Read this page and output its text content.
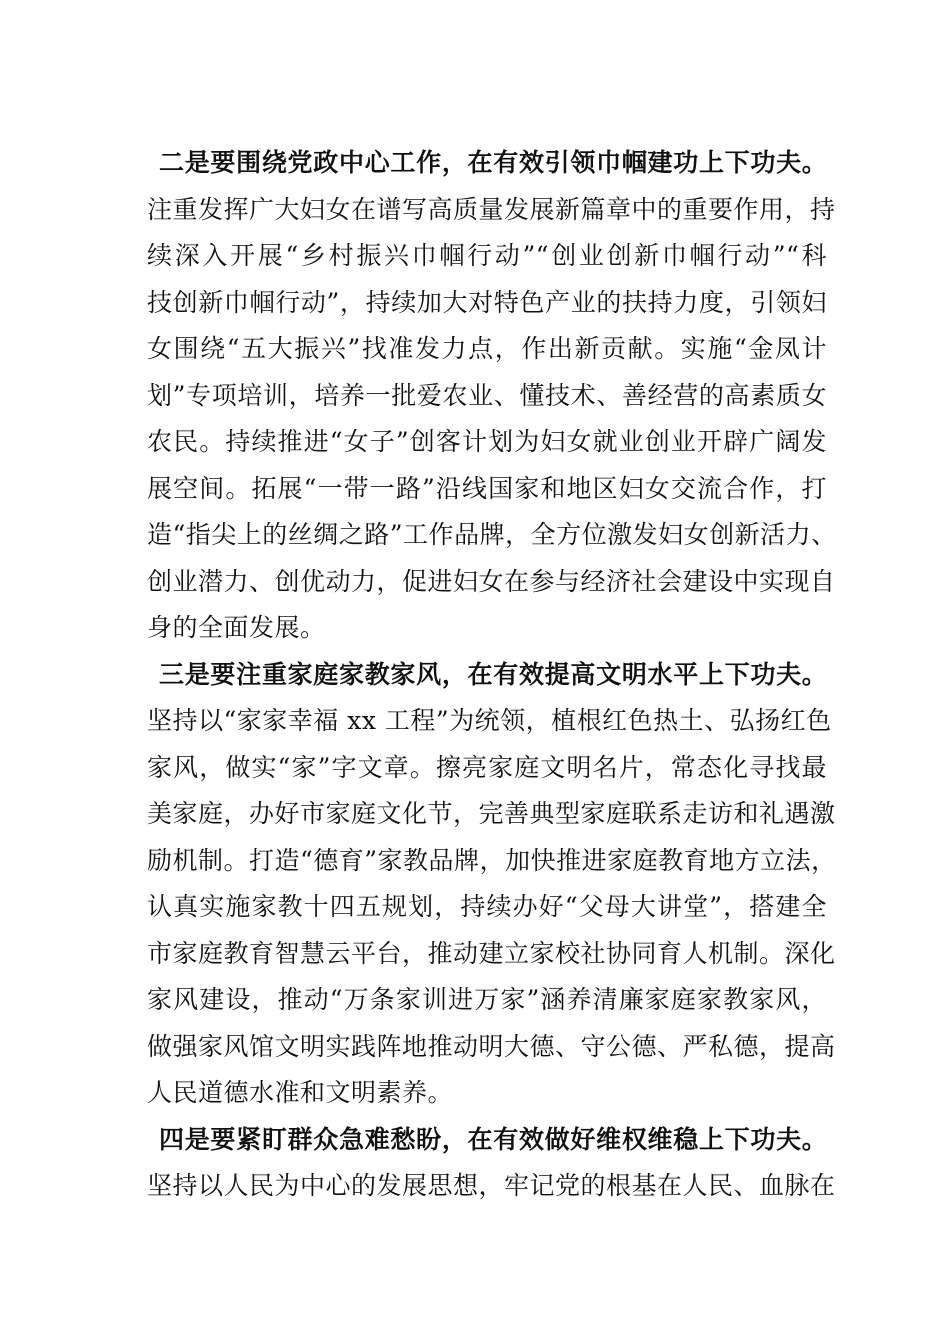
二是要围绕党政中心工作，在有效引领巾帼建功上下功夫。
注重发挥广大妇女在谱写高质量发展新篇章中的重要作用，持
续深入开展“乡村振兴巾帼行动”“创业创新巾帼行动”“科
技创新巾帼行动”，持续加大对特色产业的扶持力度，引领妇
女围绕“五大振兴”找准发力点，作出新贡献。实施“金凤计
划”专项培训，培养一批爱农业、懂技术、善经营的高素质女
农民。持续推进“女子”创客计划为妇女就业创业开辟广阔发
展空间。拓展“一带一路”沿线国家和地区妇女交流合作，打
造“指尖上的丝绸之路”工作品牌，全方位激发妇女创新活力、
创业潜力、创优动力，促进妇女在参与经济社会建设中实现自
身的全面发展。
三是要注重家庭家教家风，在有效提高文明水平上下功夫。
坚持以“家家幸福 xx 工程”为统领，植根红色热土、弘扬红色
家风，做实“家”字文章。擦亮家庭文明名片，常态化寻找最
美家庭，办好市家庭文化节，完善典型家庭联系走访和礼遇激
励机制。打造“德育”家教品牌，加快推进家庭教育地方立法，
认真实施家教十四五规划，持续办好“父母大讲堂”，搭建全
市家庭教育智慧云平台，推动建立家校社协同育人机制。深化
家风建设，推动“万条家训进万家”涵养清廉家庭家教家风，
做强家风馆文明实践阵地推动明大德、守公德、严私德，提高
人民道德水准和文明素养。
四是要紧盯群众急难愁盼，在有效做好维权维稳上下功夫。
坚持以人民为中心的发展思想，牢记党的根基在人民、血脉在
